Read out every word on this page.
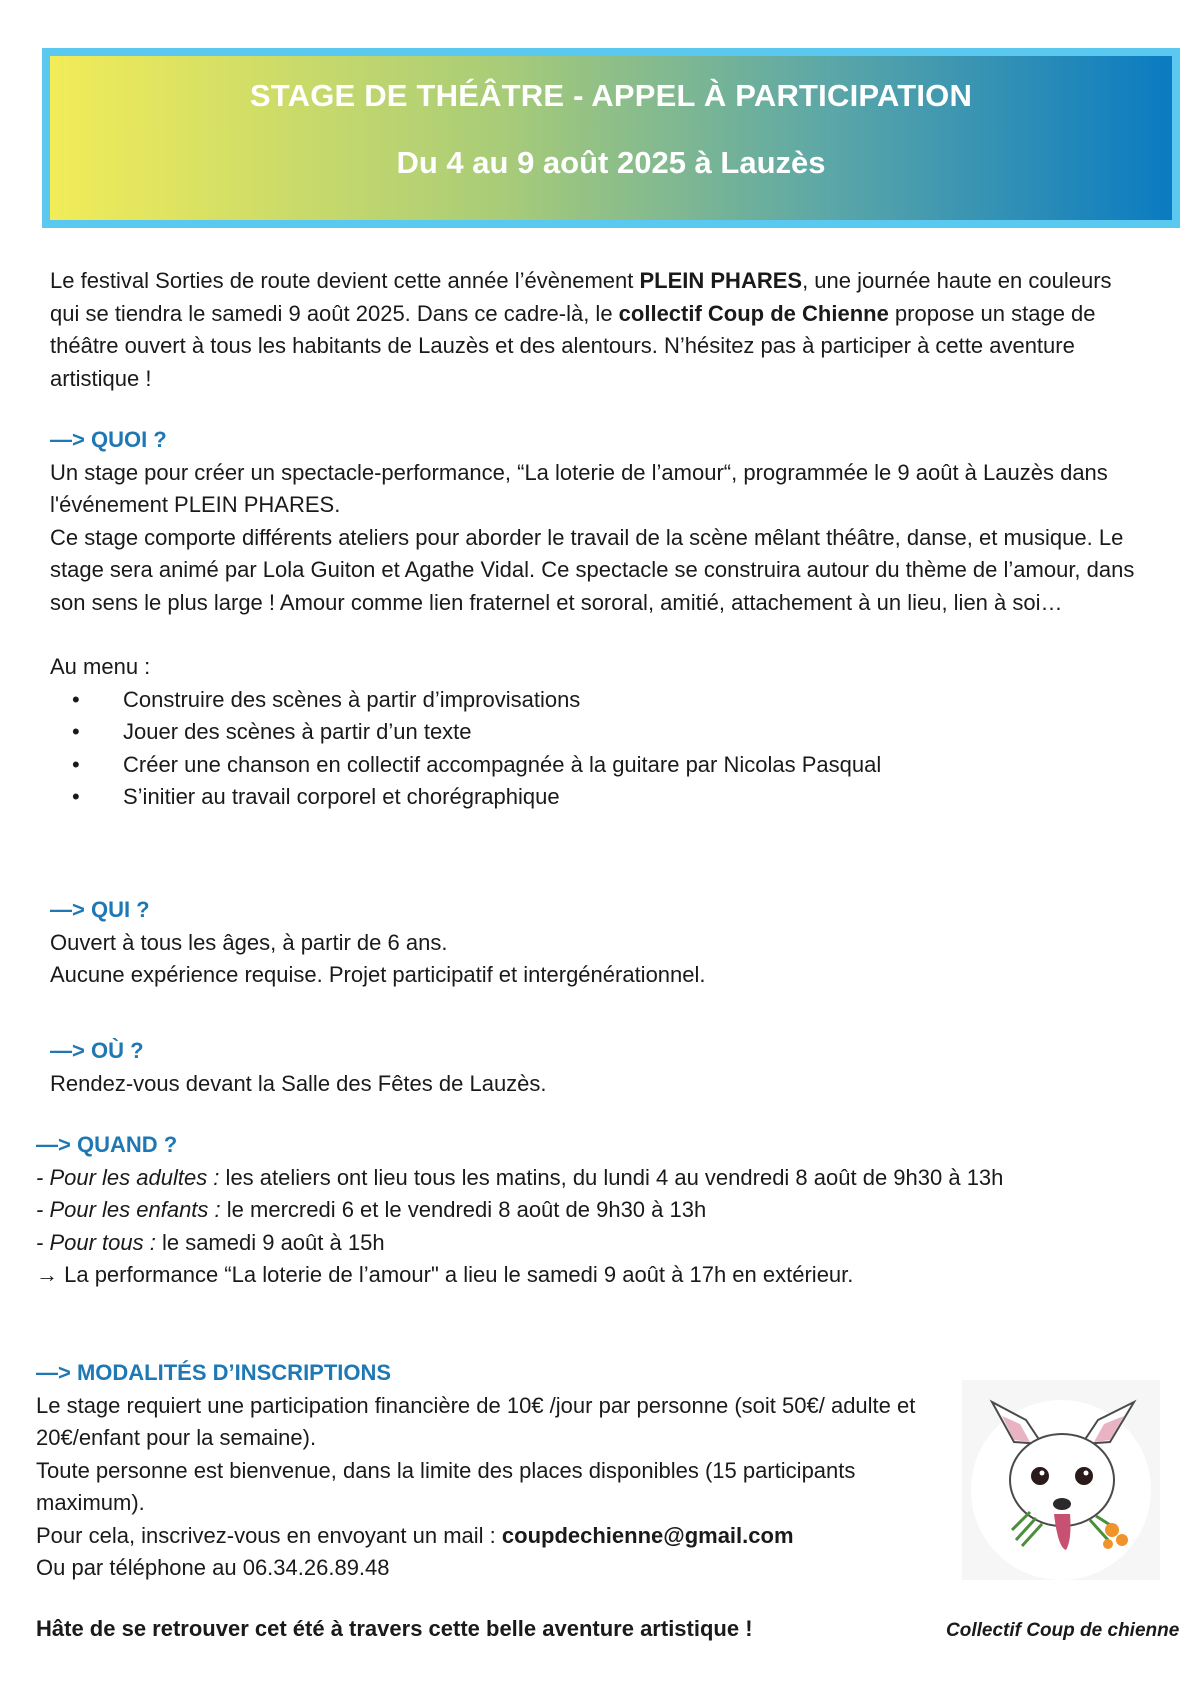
STAGE DE THÉÂTRE - APPEL À PARTICIPATION
Du 4 au 9 août 2025 à Lauzès
Le festival Sorties de route devient cette année l’évènement PLEIN PHARES, une journée haute en couleurs qui se tiendra le samedi 9 août 2025. Dans ce cadre-là, le collectif Coup de Chienne propose un stage de théâtre ouvert à tous les habitants de Lauzès et des alentours. N’hésitez pas à participer à cette aventure artistique !
—> QUOI ?
Un stage pour créer un spectacle-performance, “La loterie de l’amour“, programmée le 9 août à Lauzès dans l'événement PLEIN PHARES.
Ce stage comporte différents ateliers pour aborder le travail de la scène mêlant théâtre, danse, et musique. Le stage sera animé par Lola Guiton et Agathe Vidal. Ce spectacle se construira autour du thème de l’amour, dans son sens le plus large ! Amour comme lien fraternel et sororal, amitié, attachement à un lieu, lien à soi…
Au menu :
• Construire des scènes à partir d’improvisations
• Jouer des scènes à partir d’un texte
• Créer une chanson en collectif accompagnée à la guitare par Nicolas Pasqual
• S’initier au travail corporel et chorégraphique
—> QUI ?
Ouvert à tous les âges, à partir de 6 ans.
Aucune expérience requise. Projet participatif et intergénérationnel.
—> OÙ ?
Rendez-vous devant la Salle des Fêtes de Lauzès.
—> QUAND ?
- Pour les adultes : les ateliers ont lieu tous les matins, du lundi 4 au vendredi 8 août de 9h30 à 13h
- Pour les enfants : le mercredi 6 et le vendredi 8 août de 9h30 à 13h
- Pour tous : le samedi 9 août à 15h
→ La performance “La loterie de l’amour" a lieu le samedi 9 août à 17h en extérieur.
—> MODALITÉS D’INSCRIPTIONS
Le stage requiert une participation financière de 10€ /jour par personne (soit 50€/ adulte et 20€/enfant pour la semaine).
Toute personne est bienvenue, dans la limite des places disponibles (15 participants maximum).
Pour cela, inscrivez-vous en envoyant un mail : coupdechienne@gmail.com
Ou par téléphone au 06.34.26.89.48
Hâte de se retrouver cet été à travers cette belle aventure artistique !	Collectif Coup de chienne
